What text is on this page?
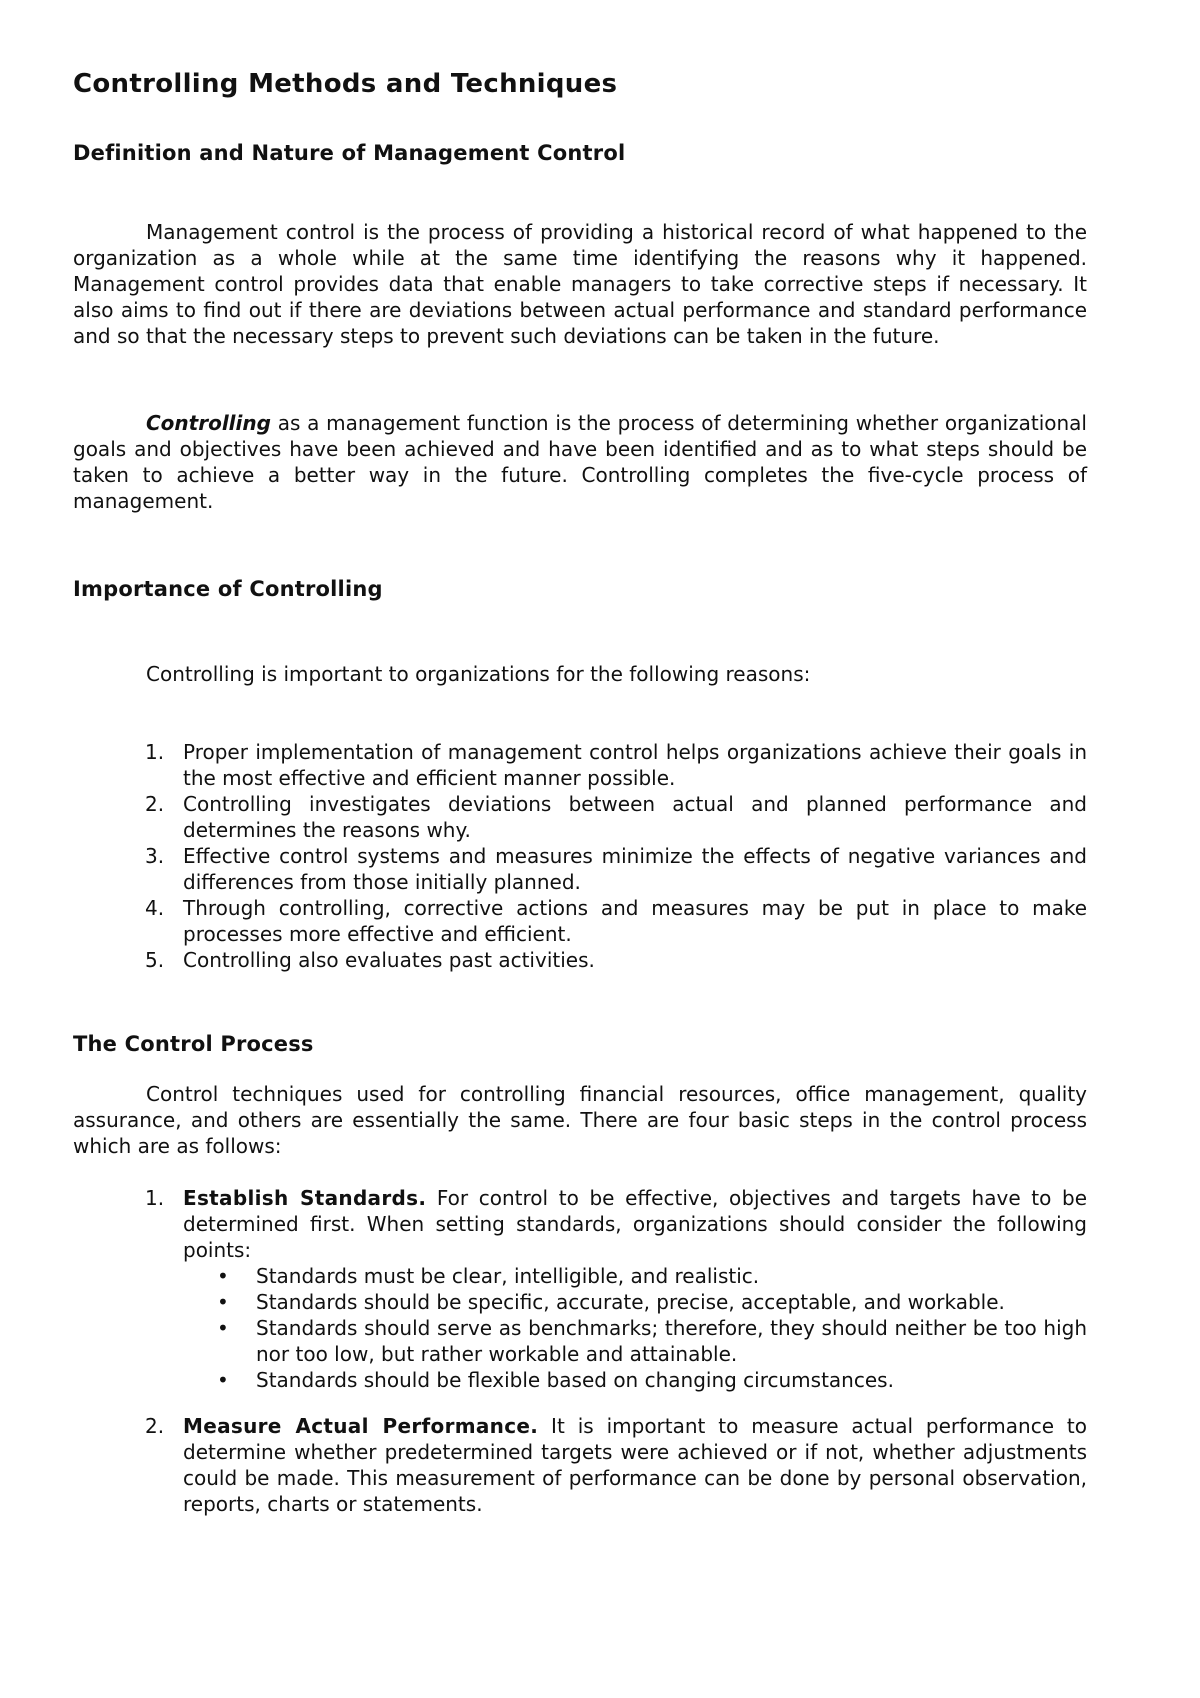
Controlling Methods and Techniques
Definition and Nature of Management Control

Management control is the process of providing a historical record of what happened to the organization as a whole while at the same time identifying the reasons why it happened. Management control provides data that enable managers to take corrective steps if necessary. It also aims to find out if there are deviations between actual performance and standard performance and so that the necessary steps to prevent such deviations can be taken in the future.

Controlling as a management function is the process of determining whether organizational goals and objectives have been achieved and have been identified and as to what steps should be taken to achieve a better way in the future. Controlling completes the five-cycle process of management.

Importance of Controlling

Controlling is important to organizations for the following reasons:

1. Proper implementation of management control helps organizations achieve their goals in the most effective and efficient manner possible.
2. Controlling investigates deviations between actual and planned performance and determines the reasons why.
3. Effective control systems and measures minimize the effects of negative variances and differences from those initially planned.
4. Through controlling, corrective actions and measures may be put in place to make processes more effective and efficient.
5. Controlling also evaluates past activities.
The Control Process

Control techniques used for controlling financial resources, office management, quality assurance, and others are essentially the same. There are four basic steps in the control process which are as follows:

1. Establish Standards. For control to be effective, objectives and targets have to be determined first. When setting standards, organizations should consider the following points:
• Standards must be clear, intelligible, and realistic.
• Standards should be specific, accurate, precise, acceptable, and workable.
• Standards should serve as benchmarks; therefore, they should neither be too high nor too low, but rather workable and attainable.
• Standards should be flexible based on changing circumstances.
2. Measure Actual Performance. It is important to measure actual performance to determine whether predetermined targets were achieved or if not, whether adjustments could be made. This measurement of performance can be done by personal observation, reports, charts or statements.
